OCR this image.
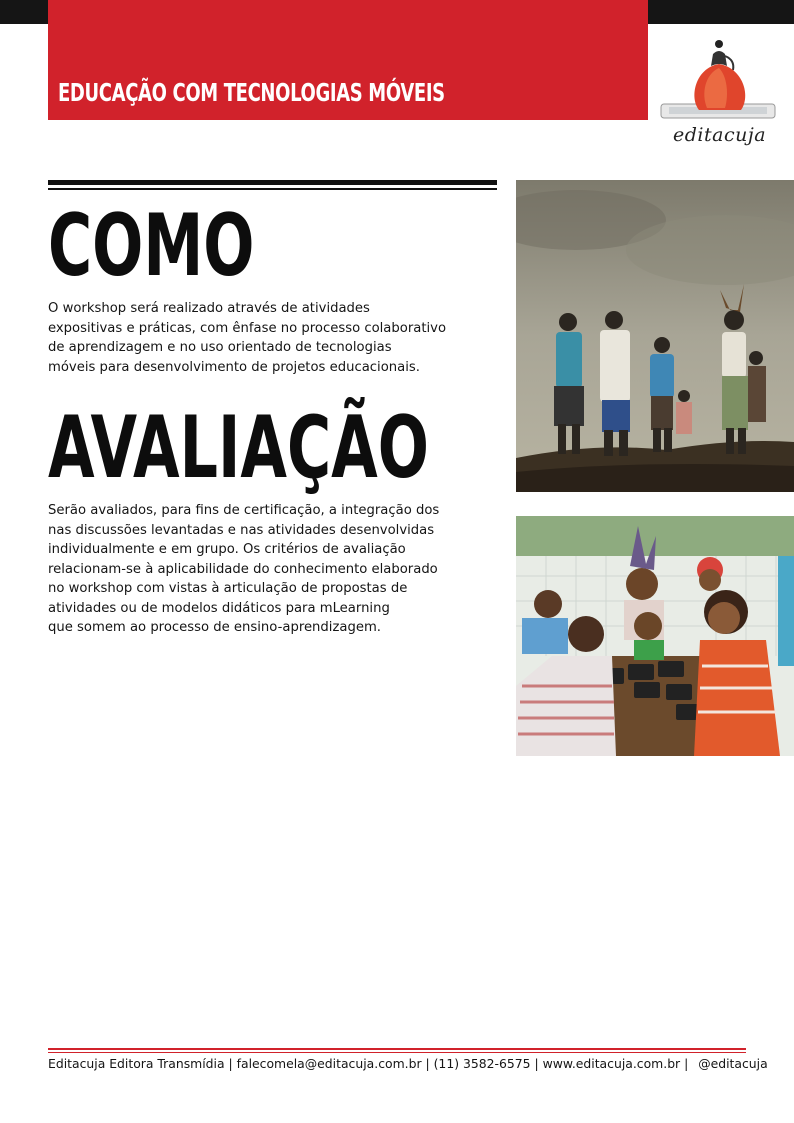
EDUCAÇÃO COM TECNOLOGIAS MÓVEIS
editacuja
COMO
O workshop será realizado através de atividades
expositivas e práticas, com ênfase no processo colaborativo
de aprendizagem e no uso orientado de tecnologias
móveis para desenvolvimento de projetos educacionais.
AVALIAÇÃO
Serão avaliados, para fins de certificação, a integração dos
nas discussões levantadas e nas atividades desenvolvidas
individualmente e em grupo. Os critérios de avaliação
relacionam-se à aplicabilidade do conhecimento elaborado
no workshop com vistas à articulação de propostas de
atividades ou de modelos didáticos para mLearning
que somem ao processo de ensino-aprendizagem.
Editacuja Editora Transmídia | falecomela@editacuja.com.br | (11) 3582-6575 | www.editacuja.com.br | @editacuja
